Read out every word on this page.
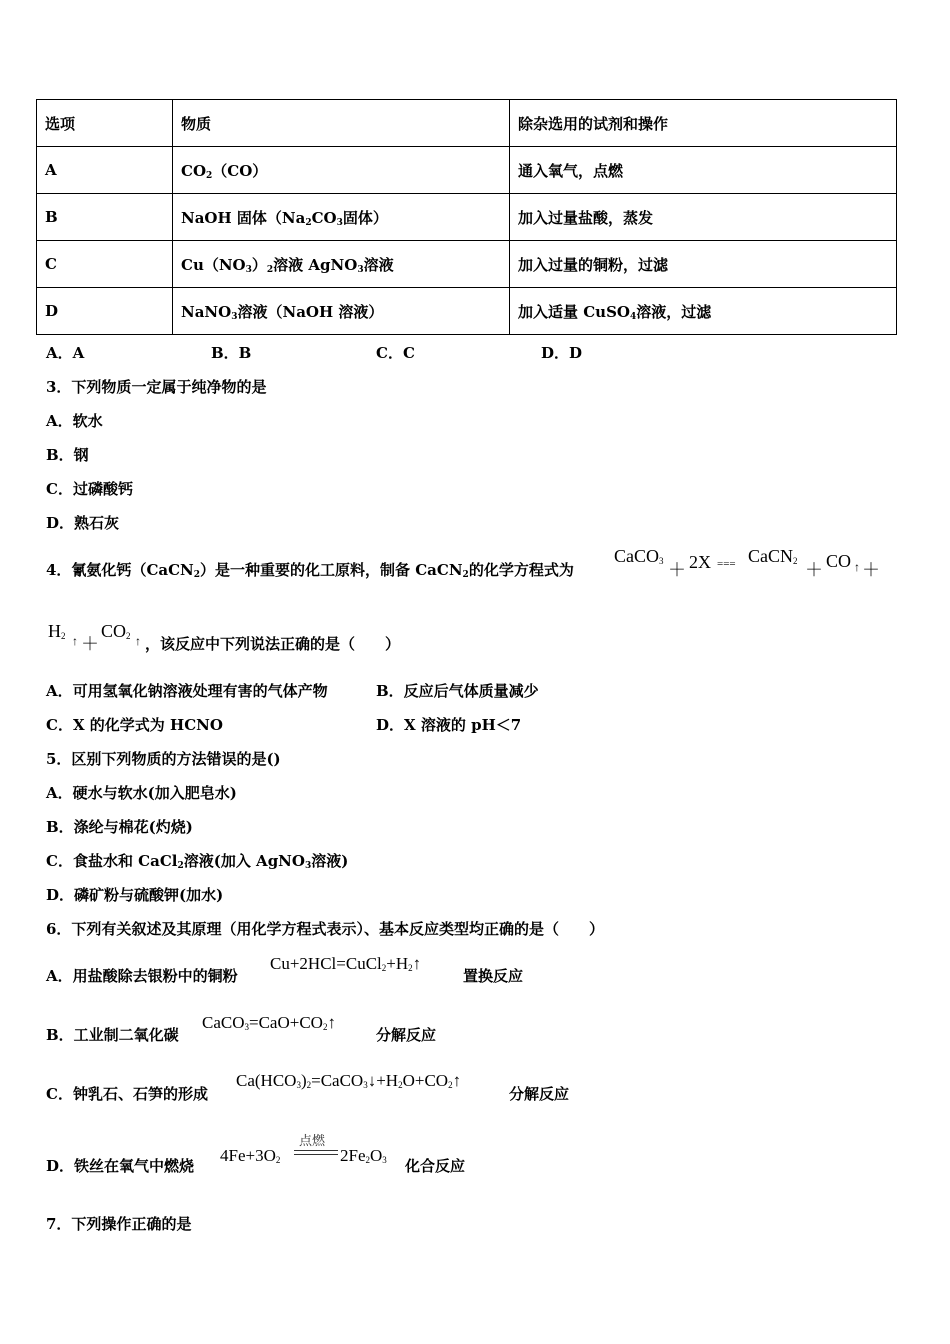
选项	物质	除杂选用的试剂和操作
A	$CO_2(CO)$	通入氧气，点燃
B	NaOH 固体（$Na_2CO_3$固体）	加入过量盐酸，蒸发
C	$Cu(NO_3)_2$溶液 AgNO$_3$溶液	加入过量的铜粉，过滤
D	NaNO$_3$溶液（NaOH 溶液）	加入适量 CuSO$_4$溶液，过滤
A．A	B．B	C．C	D．D
3．下列物质一定属于纯净物的是
A．软水
B．钢
C．过磷酸钙
D．熟石灰
4．氰氨化钙（CaCN$_2$）是一种重要的化工原料，制备 CaCN$_2$的化学方程式为
CaCO$_3$ ＋ 2X === CaCN$_2$ ＋ CO ↑ ＋
$H_2$ ↑ ＋
$CO_2$ ↑ ，该反应中下列说法正确的是（　　）
A．可用氢氧化钠溶液处理有害的气体产物	B．反应后气体质量减少
C．X 的化学式为 HCNO	D．X 溶液的 pH＜7
5．区别下列物质的方法错误的是()
A．硬水与软水(加入肥皂水)
B．涤纶与棉花(灼烧)
C．食盐水和 CaCl$_2$溶液(加入 AgNO$_3$溶液)
D．磷矿粉与硫酸钾(加水)
6．下列有关叙述及其原理（用化学方程式表示）、基本反应类型均正确的是（　　）
A．用盐酸除去银粉中的铜粉
$Cu+2HCl=CuCl_2+H_2↑$
置换反应
B．工业制二氧化碳
$CaCO_3=CaO+CO_2↑$
分解反应
C．钟乳石、石笋的形成
$Ca(HCO_3)_2=CaCO_3↓+H_2O+CO_2↑$
分解反应
D．铁丝在氧气中燃烧
$4Fe+3O_2$
点燃
$2Fe_2O_3$ 化合反应
7．下列操作正确的是
